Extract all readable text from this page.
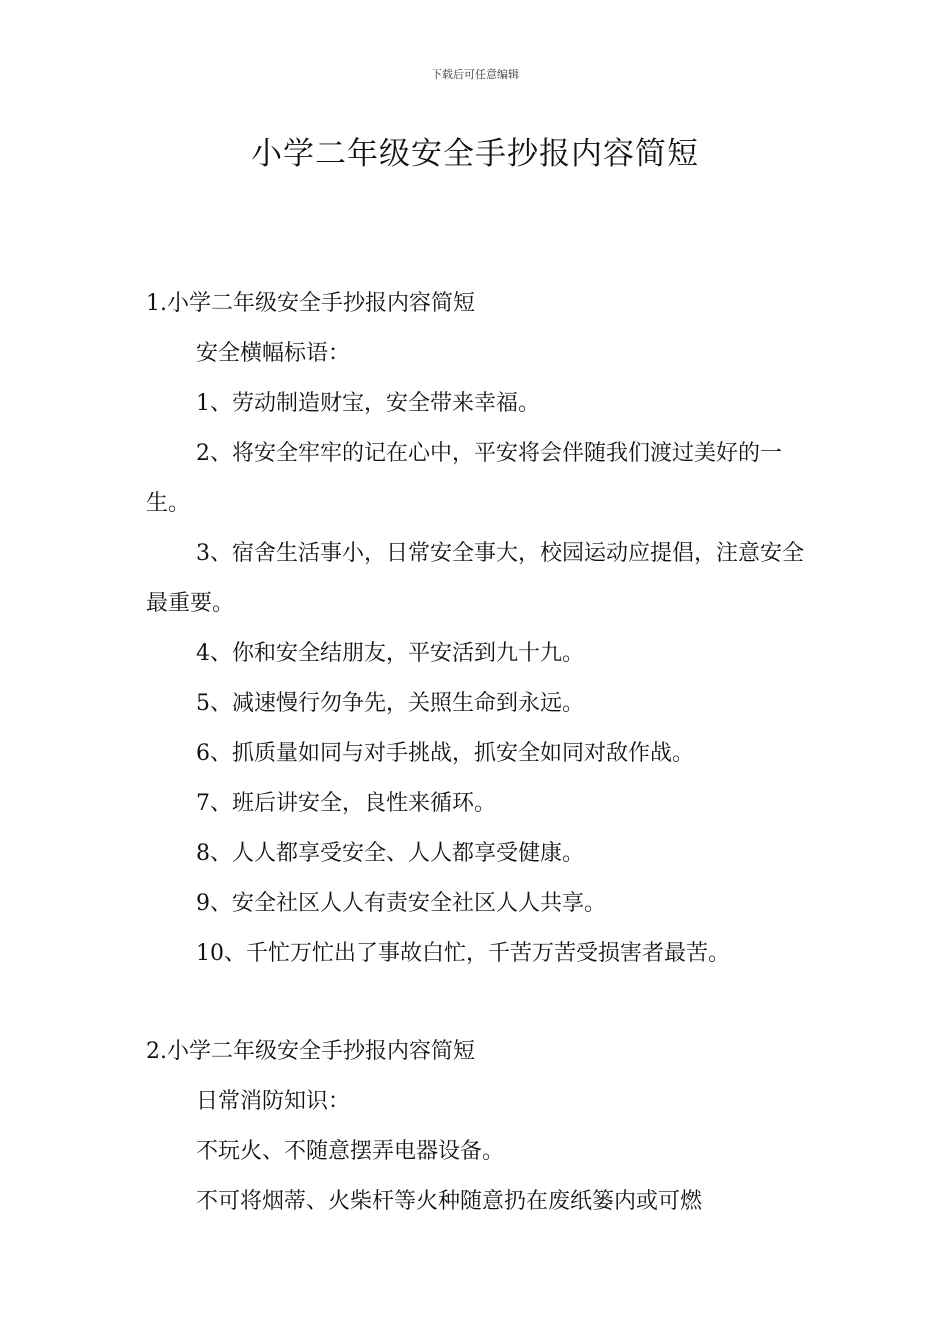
下载后可任意编辑
小学二年级安全手抄报内容简短

1.小学二年级安全手抄报内容简短

安全横幅标语：

1、劳动制造财宝，安全带来幸福。

2、将安全牢牢的记在心中，平安将会伴随我们渡过美好的一生。

3、宿舍生活事小，日常安全事大，校园运动应提倡，注意安全最重要。

4、你和安全结朋友，平安活到九十九。

5、减速慢行勿争先，关照生命到永远。

6、抓质量如同与对手挑战，抓安全如同对敌作战。

7、班后讲安全，良性来循环。

8、人人都享受安全、人人都享受健康。

9、安全社区人人有责安全社区人人共享。

10、千忙万忙出了事故白忙，千苦万苦受损害者最苦。

2.小学二年级安全手抄报内容简短

日常消防知识：

不玩火、不随意摆弄电器设备。

不可将烟蒂、火柴杆等火种随意扔在废纸篓内或可燃
